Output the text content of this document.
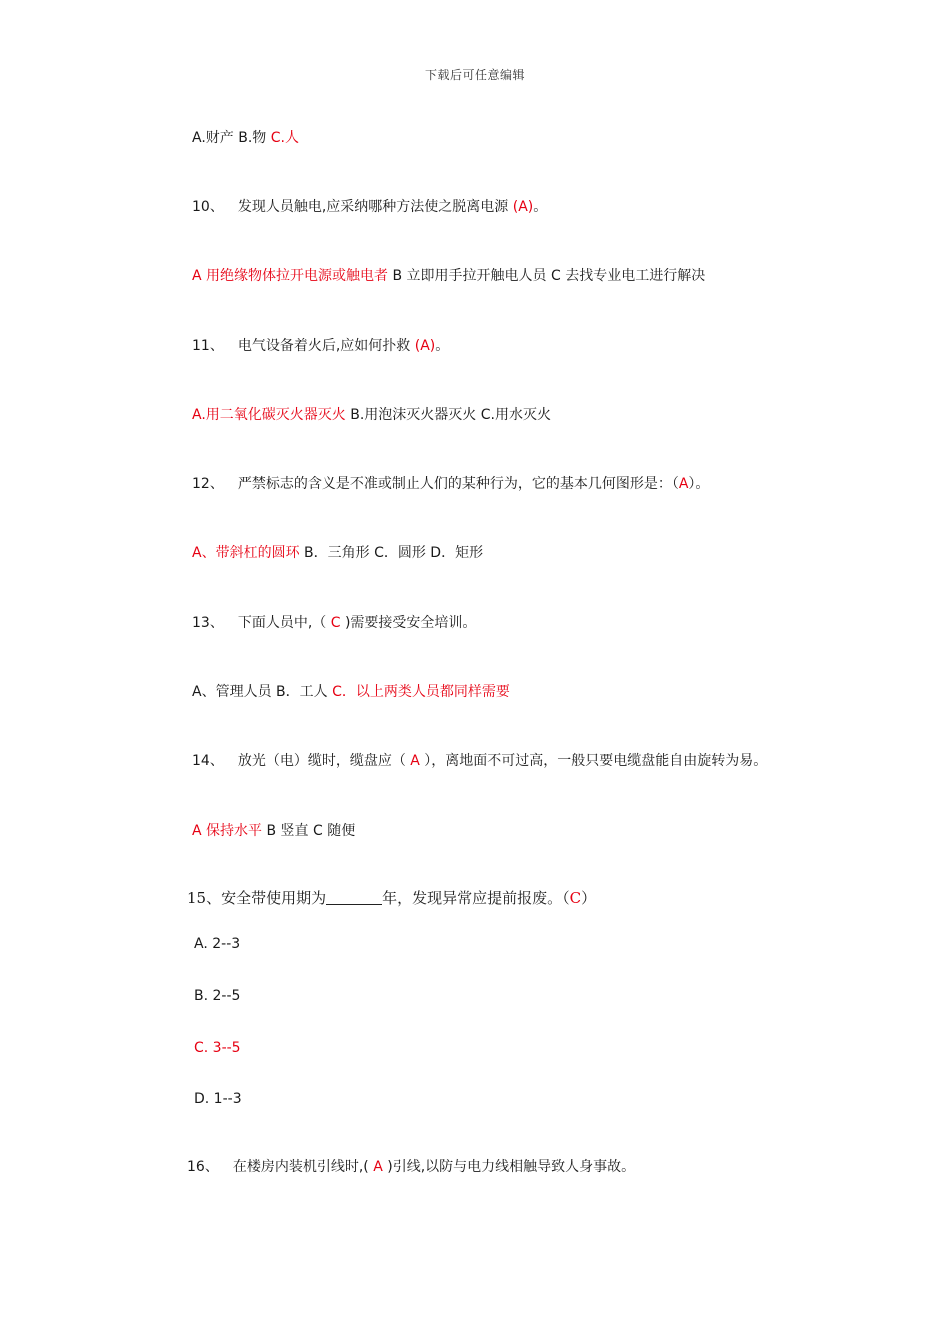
下载后可任意编辑
A.财产 B.物 C.人
10、 发现人员触电,应采纳哪种方法使之脱离电源 (A)。
A 用绝缘物体拉开电源或触电者 B 立即用手拉开触电人员 C 去找专业电工进行解决
11、 电气设备着火后,应如何扑救 (A)。
A.用二氧化碳灭火器灭火 B.用泡沫灭火器灭火 C.用水灭火
12、 严禁标志的含义是不准或制止人们的某种行为，它的基本几何图形是：（A）。
A、带斜杠的圆环 B．三角形 C．圆形 D．矩形
13、 下面人员中,（ C )需要接受安全培训。
A、管理人员 B．工人 C．以上两类人员都同样需要
14、 放光（电）缆时，缆盘应（ A ），离地面不可过高，一般只要电缆盘能自由旋转为易。
A 保持水平 B 竖直 C 随便
15、安全带使用期为	年，发现异常应提前报废。（C）
A. 2--3
B. 2--5
C. 3--5
D. 1--3
16、 在楼房内装机引线时,( A )引线,以防与电力线相触导致人身事故。
